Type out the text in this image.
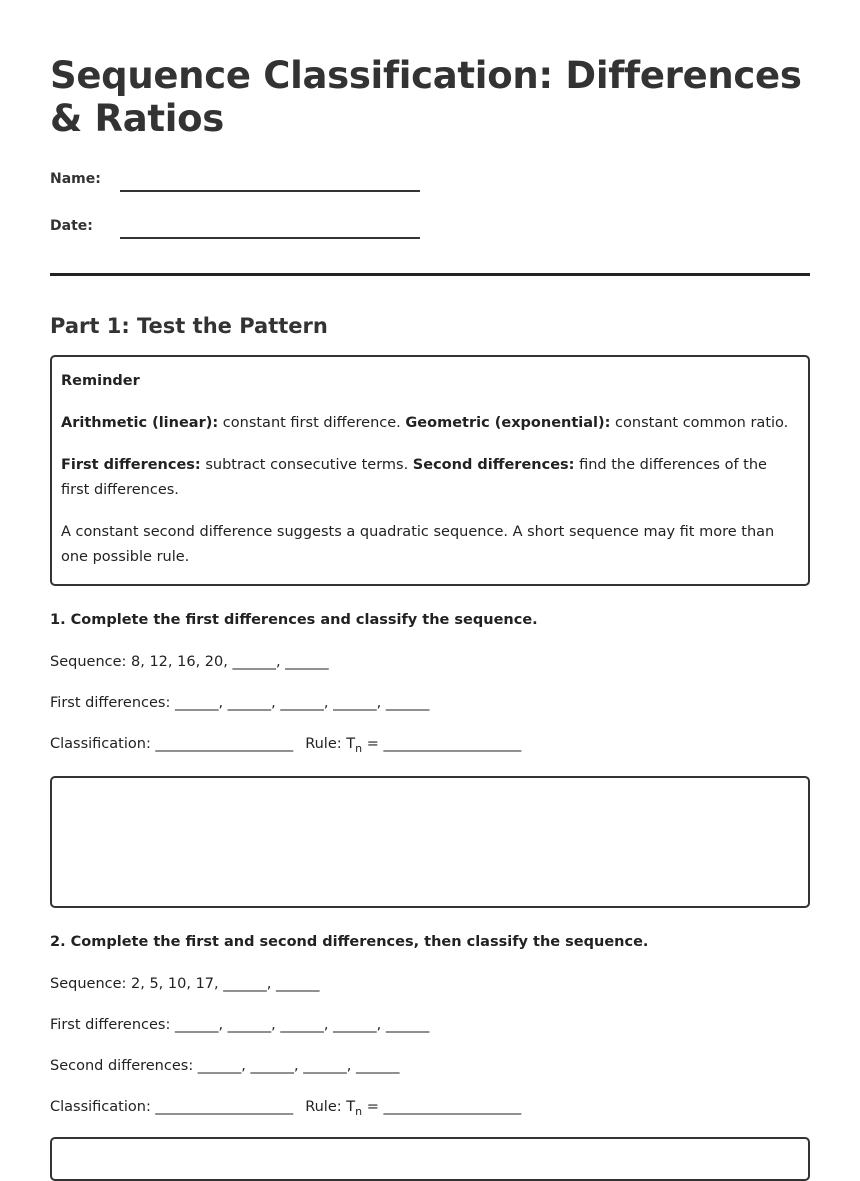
Sequence Classification: Differences & Ratios
Name:
Date:
Part 1: Test the Pattern

Reminder

Arithmetic (linear): constant first difference. Geometric (exponential): constant common ratio.

First differences: subtract consecutive terms. Second differences: find the differences of the first differences.

A constant second difference suggests a quadratic sequence. A short sequence may fit more than one possible rule.

1. Complete the first differences and classify the sequence.
Sequence: 8, 12, 16, 20, ______, ______
First differences: ______, ______, ______, ______, ______
Classification: ___________________ Rule: $T_n$ = ___________________
2. Complete the first and second differences, then classify the sequence.
Sequence: 2, 5, 10, 17, ______, ______
First differences: ______, ______, ______, ______, ______
Second differences: ______, ______, ______, ______
Classification: ___________________ Rule: $T_n$ = ___________________
